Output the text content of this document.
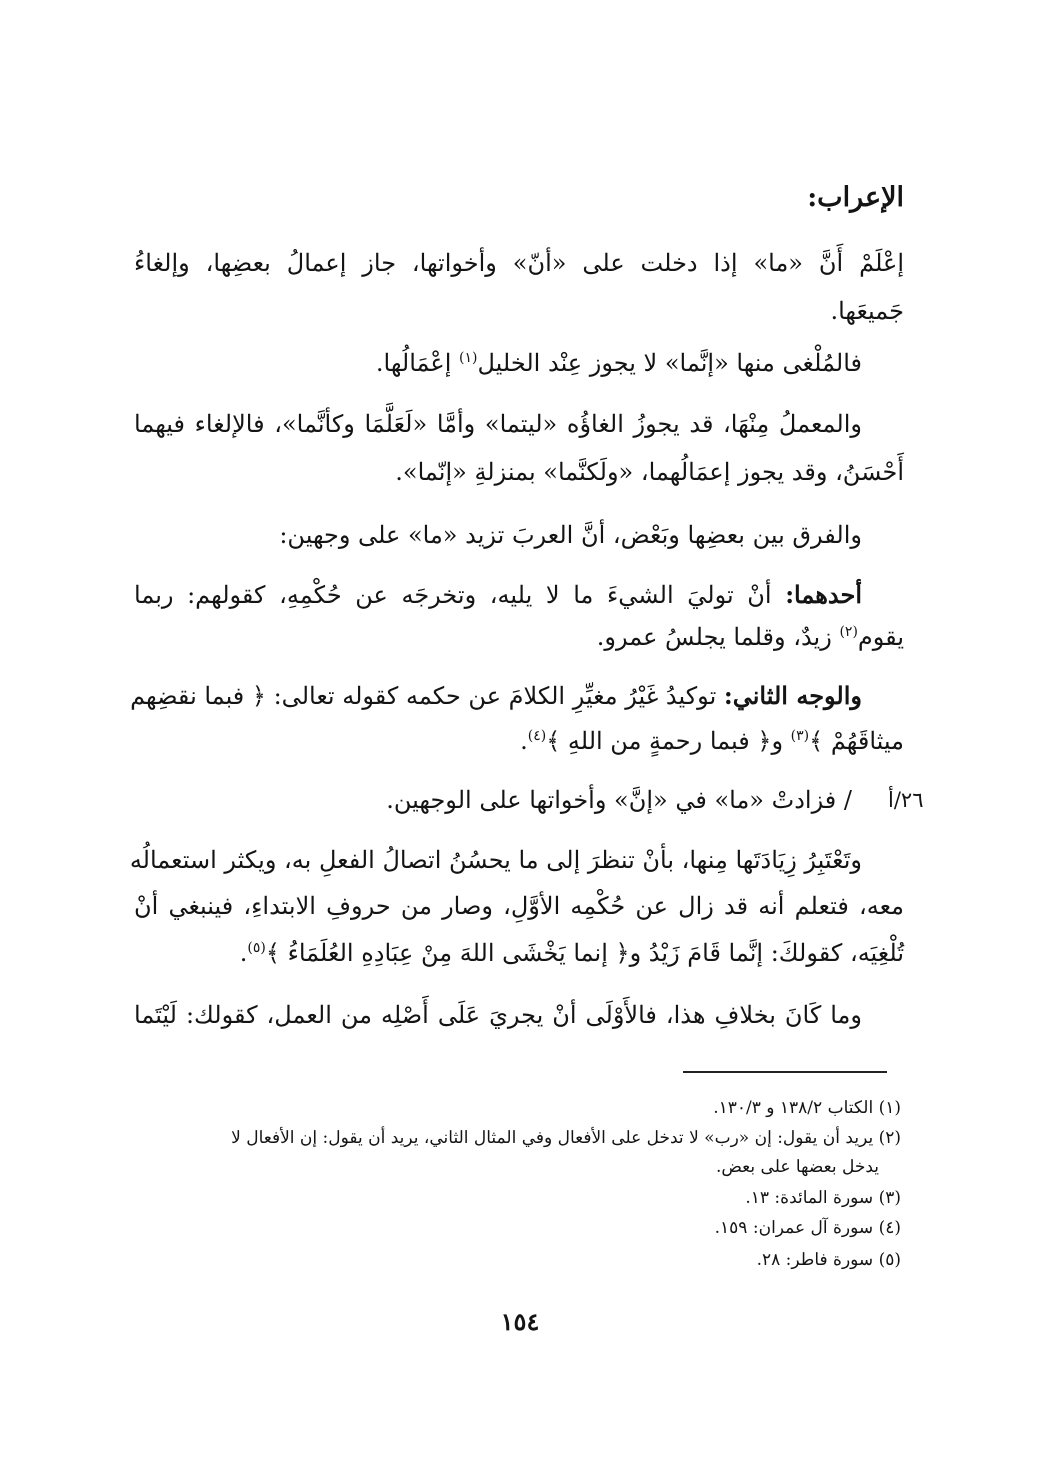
الإعراب:
إعْلَمْ أَنَّ «ما» إذا دخلت على «أنّ» وأخواتها، جاز إعمالُ بعضِها، وإلغاءُ
جَميعَها.
فالمُلْغى منها «إنَّما» لا يجوز عِنْد الخليل$^{(١)}$ إعْمَالُها.
والمعملُ مِنْهَا، قد يجوزُ الغاؤُه «ليتما» وأمَّا «لَعَلَّمَا وكأنَّما»، فالإلغاء فيهما
أَحْسَنُ، وقد يجوز إعمَالُهما، «ولَكنَّما» بمنزلةِ «إنّما».
والفرق بين بعضِها وبَعْض، أنَّ العربَ تزيد «ما» على وجهين:
أحدهما: أنْ توليَ الشيءَ ما لا يليه، وتخرجَه عن حُكْمِهِ، كقولهم: ربما
يقوم$^{(٢)}$ زيدٌ، وقلما يجلسُ عمرو.
والوجه الثاني: توكيدُ غَيْرُ مغيِّرِ الكلامَ عن حكمه كقوله تعالى: ﴿ فبما نقضِهم
ميثاقَهُمْ ﴾$^{(٣)}$ و﴿ فبما رحمةٍ من اللهِ ﴾$^{(٤)}$.
٢٦/أ
/ فزادتْ «ما» في «إنَّ» وأخواتها على الوجهين.
وتَعْتَبِرُ زِيَادَتَها مِنها، بأنْ تنظرَ إلى ما يحسُنُ اتصالُ الفعلِ به، ويكثر استعمالُه
معه، فتعلم أنه قد زال عن حُكْمِه الأوَّلِ، وصار من حروفِ الابتداءِ، فينبغي أنْ
تُلْغِيَه، كقولكَ: إنَّما قَامَ زَيْدُ و﴿ إنما يَخْشَى اللهَ مِنْ عِبَادِهِ العُلَمَاءُ ﴾$^{(٥)}$.
وما كَانَ بخلافِ هذا، فالأَوْلَى أنْ يجريَ عَلَى أَصْلِه من العمل، كقولك: لَيْتَما
(١) الكتاب ١٣٨/٢ و ١٣٠/٣.
(٢) يريد أن يقول: إن «رب» لا تدخل على الأفعال وفي المثال الثاني، يريد أن يقول: إن الأفعال لا
يدخل بعضها على بعض.
(٣) سورة المائدة: ١٣.
(٤) سورة آل عمران: ١٥٩.
(٥) سورة فاطر: ٢٨.
١٥٤
